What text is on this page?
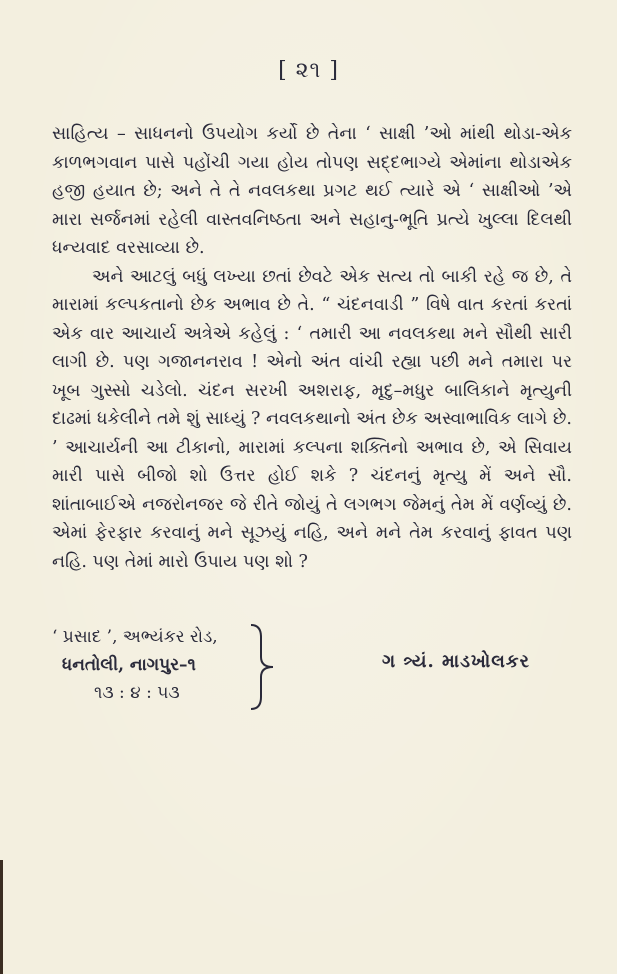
[ ૨૧ ]

સાહિત્ય – સાધનનો ઉપયોગ કર્યો છે તેના ‘ સાક્ષી ’ઓ માંથી થોડા-એક કાળભગવાન પાસે પહોંચી ગયા હોય તોપણ સદ્દભાગ્યે એમાંના થોડાએક હજી હયાત છે; અને તે તે નવલકથા પ્રગટ થઈ ત્યારે એ ‘ સાક્ષીઓ ’એ મારા સર્જનમાં રહેલી વાસ્તવનિષ્ઠતા અને સહાનુ-ભૂતિ પ્રત્યે ખુલ્લા દિલથી ધન્યવાદ વરસાવ્યા છે.

અને આટલું બધું લખ્યા છતાં છેવટે એક સત્ય તો બાકી રહે જ છે, તે મારામાં કલ્પકતાનો છેક અભાવ છે તે. “ ચંદનવાડી ” વિષે વાત કરતાં કરતાં એક વાર આચાર્ય અત્રેએ કહેલું : ‘ તમારી આ નવલકથા મને સૌથી સારી લાગી છે. પણ ગજાનનરાવ ! એનો અંત વાંચી રહ્યા પછી મને તમારા પર ખૂબ ગુસ્સો ચડેલો. ચંદન સરખી અશરાફ, મૃદુ–મધુર બાલિકાને મૃત્યુની દાઢમાં ધકેલીને તમે શું સાધ્યું ? નવલકથાનો અંત છેક અસ્વાભાવિક લાગે છે. ’ આચાર્યની આ ટીકાનો, મારામાં કલ્પના શક્તિનો અભાવ છે, એ સિવાય મારી પાસે બીજો શો ઉત્તર હોઈ શકે ? ચંદનનું મૃત્યુ મેં અને સૌ. શાંતાબાઈએ નજરોનજર જે રીતે જોયું તે લગભગ જેમનું તેમ મેં વર્ણવ્યું છે. એમાં ફેરફાર કરવાનું મને સૂઝયું નહિ, અને મને તેમ કરવાનું ફાવત પણ નહિ. પણ તેમાં મારો ઉપાય પણ શો ?

‘ પ્રસાદ ’, અભ્યંકર રોડ,
ધનતોલી, નાગપુર–૧
૧૩ : ૪ : ૫૩
ગ ત્ર્યં. માડખોલકર
